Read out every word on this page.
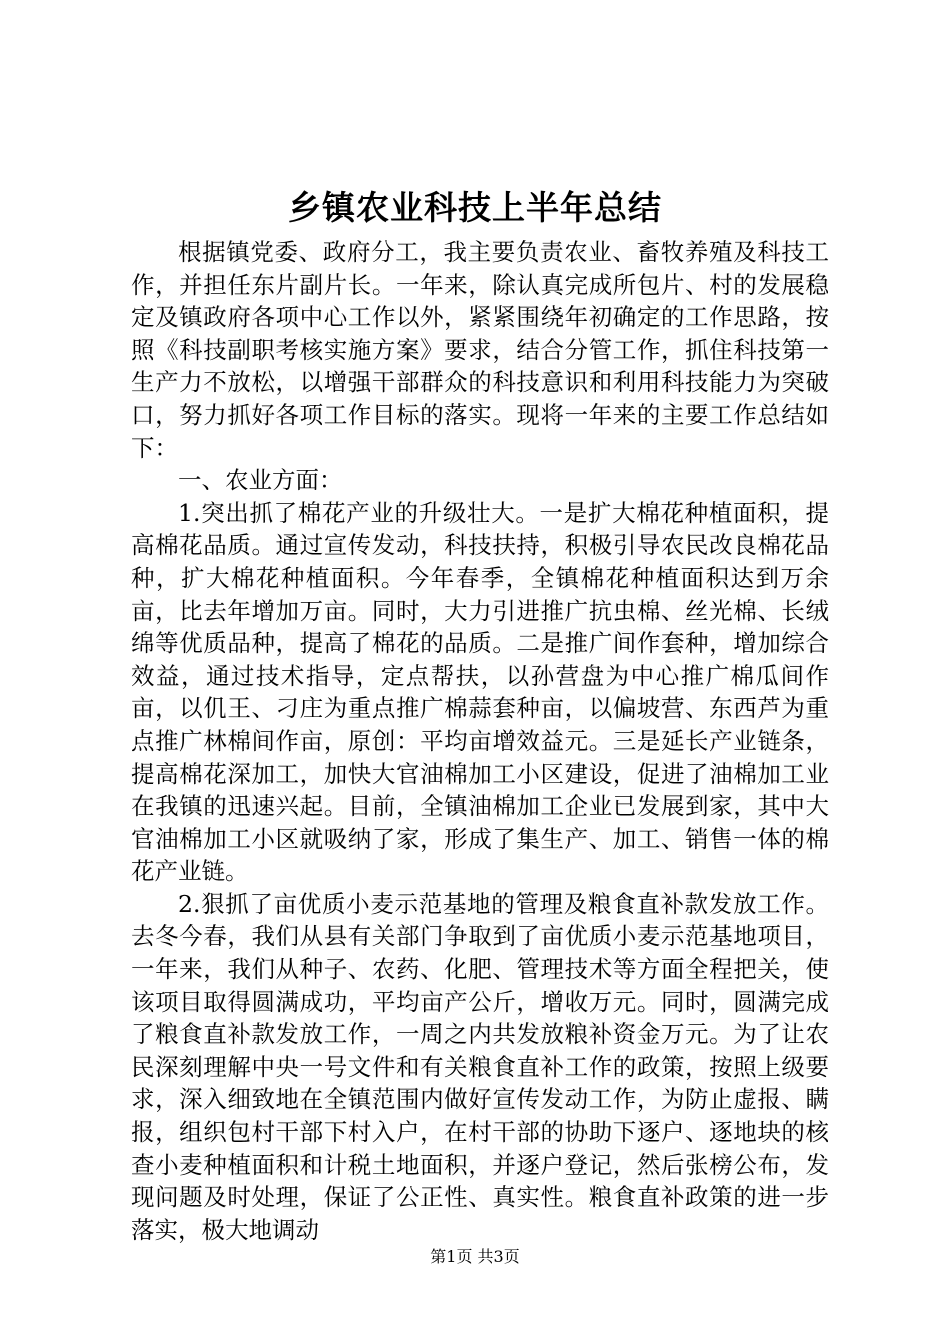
乡镇农业科技上半年总结

根据镇党委、政府分工，我主要负责农业、畜牧养殖及科技工作，并担任东片副片长。一年来，除认真完成所包片、村的发展稳定及镇政府各项中心工作以外，紧紧围绕年初确定的工作思路，按照《科技副职考核实施方案》要求，结合分管工作，抓住科技第一生产力不放松，以增强干部群众的科技意识和利用科技能力为突破口，努力抓好各项工作目标的落实。现将一年来的主要工作总结如下：

一、农业方面：

1.突出抓了棉花产业的升级壮大。一是扩大棉花种植面积，提高棉花品质。通过宣传发动，科技扶持，积极引导农民改良棉花品种，扩大棉花种植面积。今年春季，全镇棉花种植面积达到万余亩，比去年增加万亩。同时，大力引进推广抗虫棉、丝光棉、长绒绵等优质品种，提高了棉花的品质。二是推广间作套种，增加综合效益，通过技术指导，定点帮扶，以孙营盘为中心推广棉瓜间作亩，以仉王、刁庄为重点推广棉蒜套种亩，以偏坡营、东西芦为重点推广林棉间作亩，原创：平均亩增效益元。三是延长产业链条，提高棉花深加工，加快大官油棉加工小区建设，促进了油棉加工业在我镇的迅速兴起。目前，全镇油棉加工企业已发展到家，其中大官油棉加工小区就吸纳了家，形成了集生产、加工、销售一体的棉花产业链。

2.狠抓了亩优质小麦示范基地的管理及粮食直补款发放工作。去冬今春，我们从县有关部门争取到了亩优质小麦示范基地项目，一年来，我们从种子、农药、化肥、管理技术等方面全程把关，使该项目取得圆满成功，平均亩产公斤，增收万元。同时，圆满完成了粮食直补款发放工作，一周之内共发放粮补资金万元。为了让农民深刻理解中央一号文件和有关粮食直补工作的政策，按照上级要求，深入细致地在全镇范围内做好宣传发动工作，为防止虚报、瞒报，组织包村干部下村入户，在村干部的协助下逐户、逐地块的核查小麦种植面积和计税土地面积，并逐户登记，然后张榜公布，发现问题及时处理，保证了公正性、真实性。粮食直补政策的进一步落实，极大地调动

第1页 共3页
